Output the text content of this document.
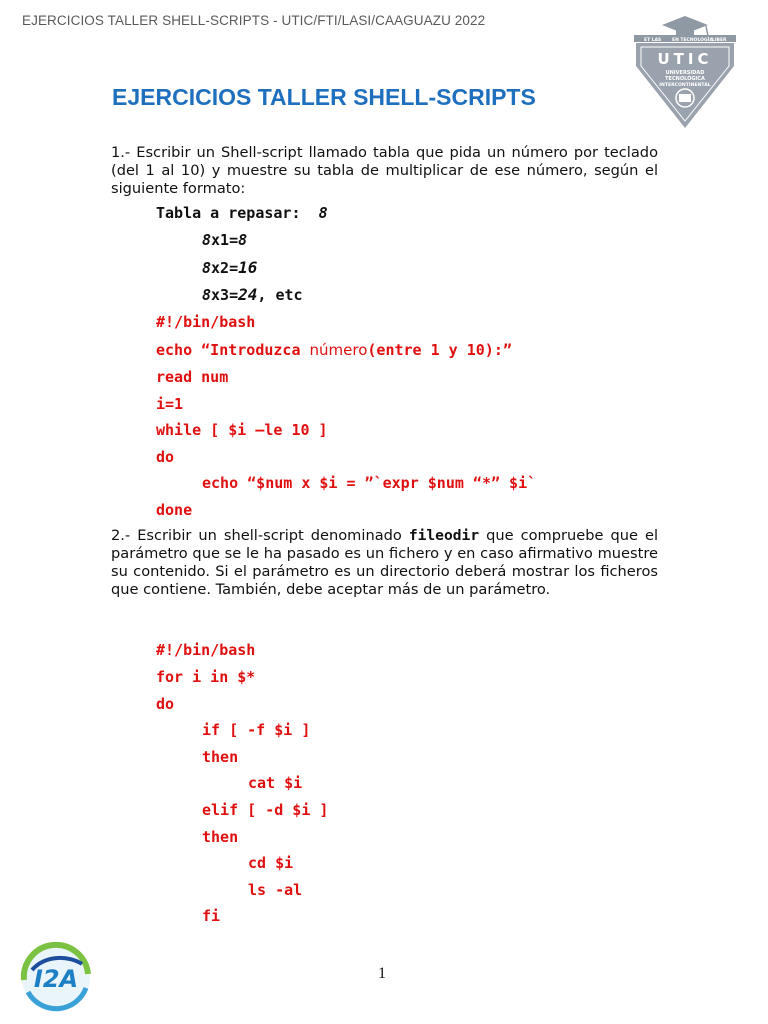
EJERCICIOS TALLER SHELL-SCRIPTS - UTIC/FTI/LASI/CAAGUAZU 2022
ET LAS EN TECNOLOGÍA LIBER
UTIC
UNIVERSIDAD
TECNOLÓGICA
INTERCONTINENTAL
EJERCICIOS TALLER SHELL-SCRIPTS
1.- Escribir un Shell-script llamado tabla que pida un número por teclado (del 1 al 10) y muestre su tabla de multiplicar de ese número, según el siguiente formato:
Tabla a repasar: 8
8x1=8
8x2=16
8x3=24, etc
#!/bin/bash
echo “Introduzca número(entre 1 y 10):”
read num
i=1
while [ $i –le 10 ]
do
echo “$num x $i = ”`expr $num “*” $i`
done
2.- Escribir un shell-script denominado fileodir que compruebe que el parámetro que se le ha pasado es un fichero y en caso afirmativo muestre su contenido. Si el parámetro es un directorio deberá mostrar los ficheros que contiene. También, debe aceptar más de un parámetro.
#!/bin/bash
for i in $*
do
if [ -f $i ]
then
cat $i
elif [ -d $i ]
then
cd $i
ls -al
fi
I2A	1
